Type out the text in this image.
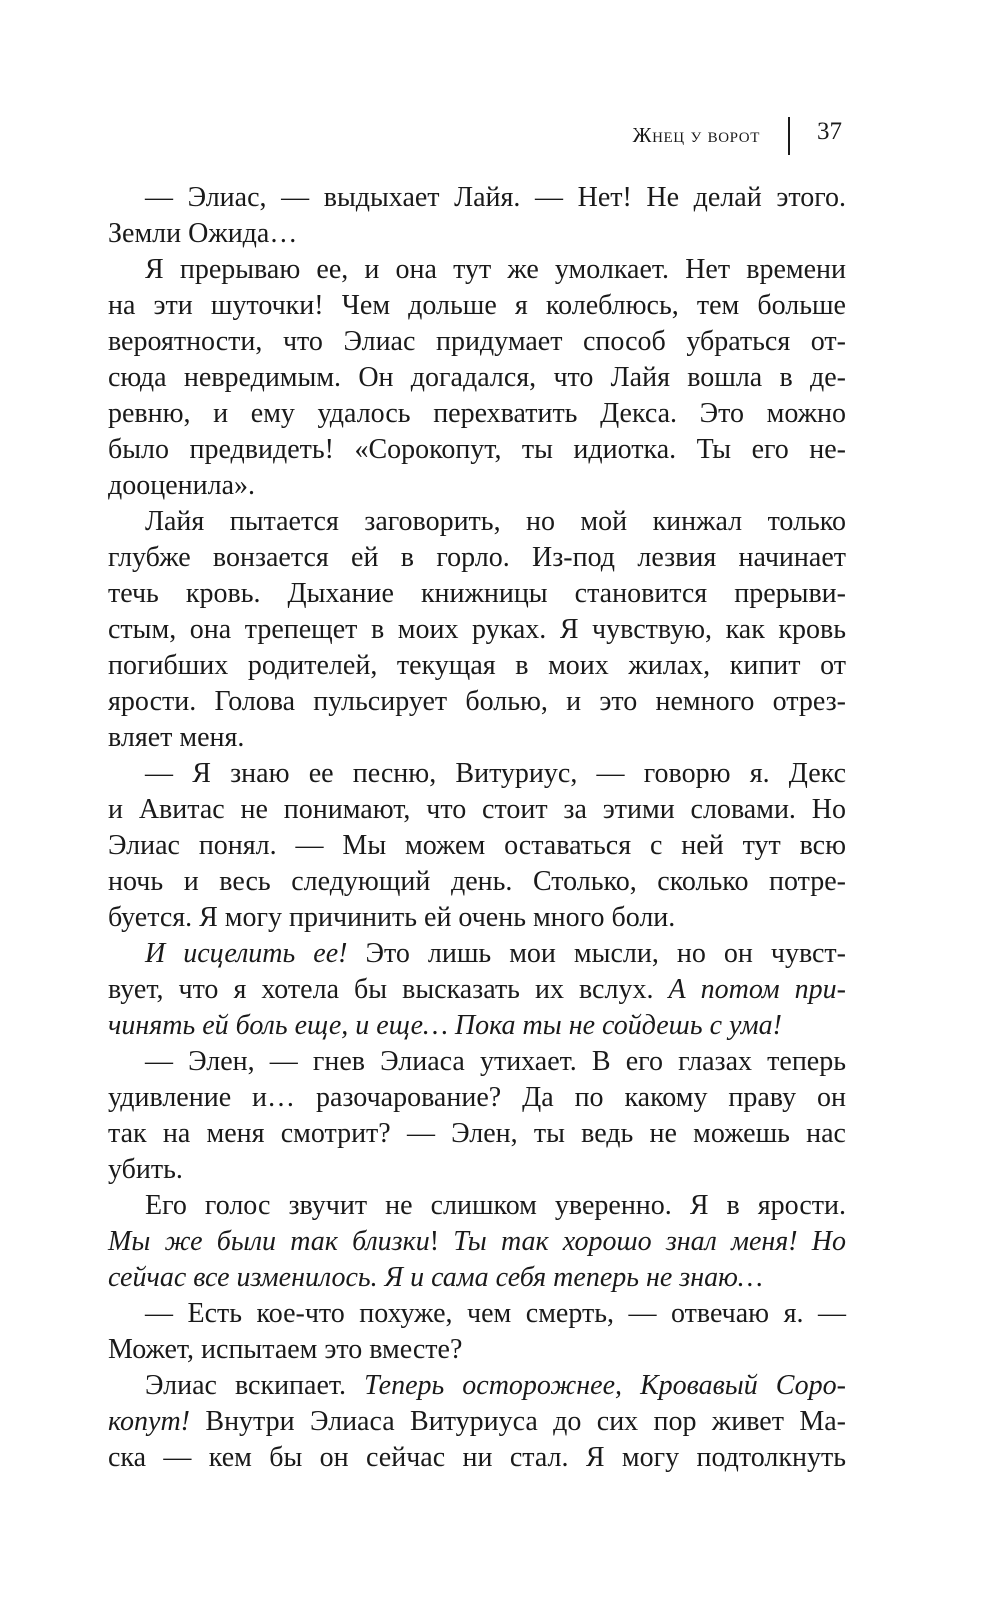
Жнец у ворот 37
— Элиас, — выдыхает Лайя. — Нет! Не делай этого.
Земли Ожида…
Я прерываю ее, и она тут же умолкает. Нет времени
на эти шуточки! Чем дольше я колеблюсь, тем больше
вероятности, что Элиас придумает способ убраться от-
сюда невредимым. Он догадался, что Лайя вошла в де-
ревню, и ему удалось перехватить Декса. Это можно
было предвидеть! «Сорокопут, ты идиотка. Ты его не-
дооценила».
Лайя пытается заговорить, но мой кинжал только
глубже вонзается ей в горло. Из-под лезвия начинает
течь кровь. Дыхание книжницы становится прерыви-
стым, она трепещет в моих руках. Я чувствую, как кровь
погибших родителей, текущая в моих жилах, кипит от
ярости. Голова пульсирует болью, и это немного отрез-
вляет меня.
— Я знаю ее песню, Витуриус, — говорю я. Декс
и Авитас не понимают, что стоит за этими словами. Но
Элиас понял. — Мы можем оставаться с ней тут всю
ночь и весь следующий день. Столько, сколько потре-
буется. Я могу причинить ей очень много боли.
И исцелить ее! Это лишь мои мысли, но он чувст-
вует, что я хотела бы высказать их вслух. А потом при-
чинять ей боль еще, и еще… Пока ты не сойдешь с ума!
— Элен, — гнев Элиаса утихает. В его глазах теперь
удивление и… разочарование? Да по какому праву он
так на меня смотрит? — Элен, ты ведь не можешь нас
убить.
Его голос звучит не слишком уверенно. Я в ярости.
Мы же были так близки! Ты так хорошо знал меня! Но
сейчас все изменилось. Я и сама себя теперь не знаю…
— Есть кое-что похуже, чем смерть, — отвечаю я. —
Может, испытаем это вместе?
Элиас вскипает. Теперь осторожнее, Кровавый Соро-
копут! Внутри Элиаса Витуриуса до сих пор живет Ма-
ска — кем бы он сейчас ни стал. Я могу подтолкнуть
